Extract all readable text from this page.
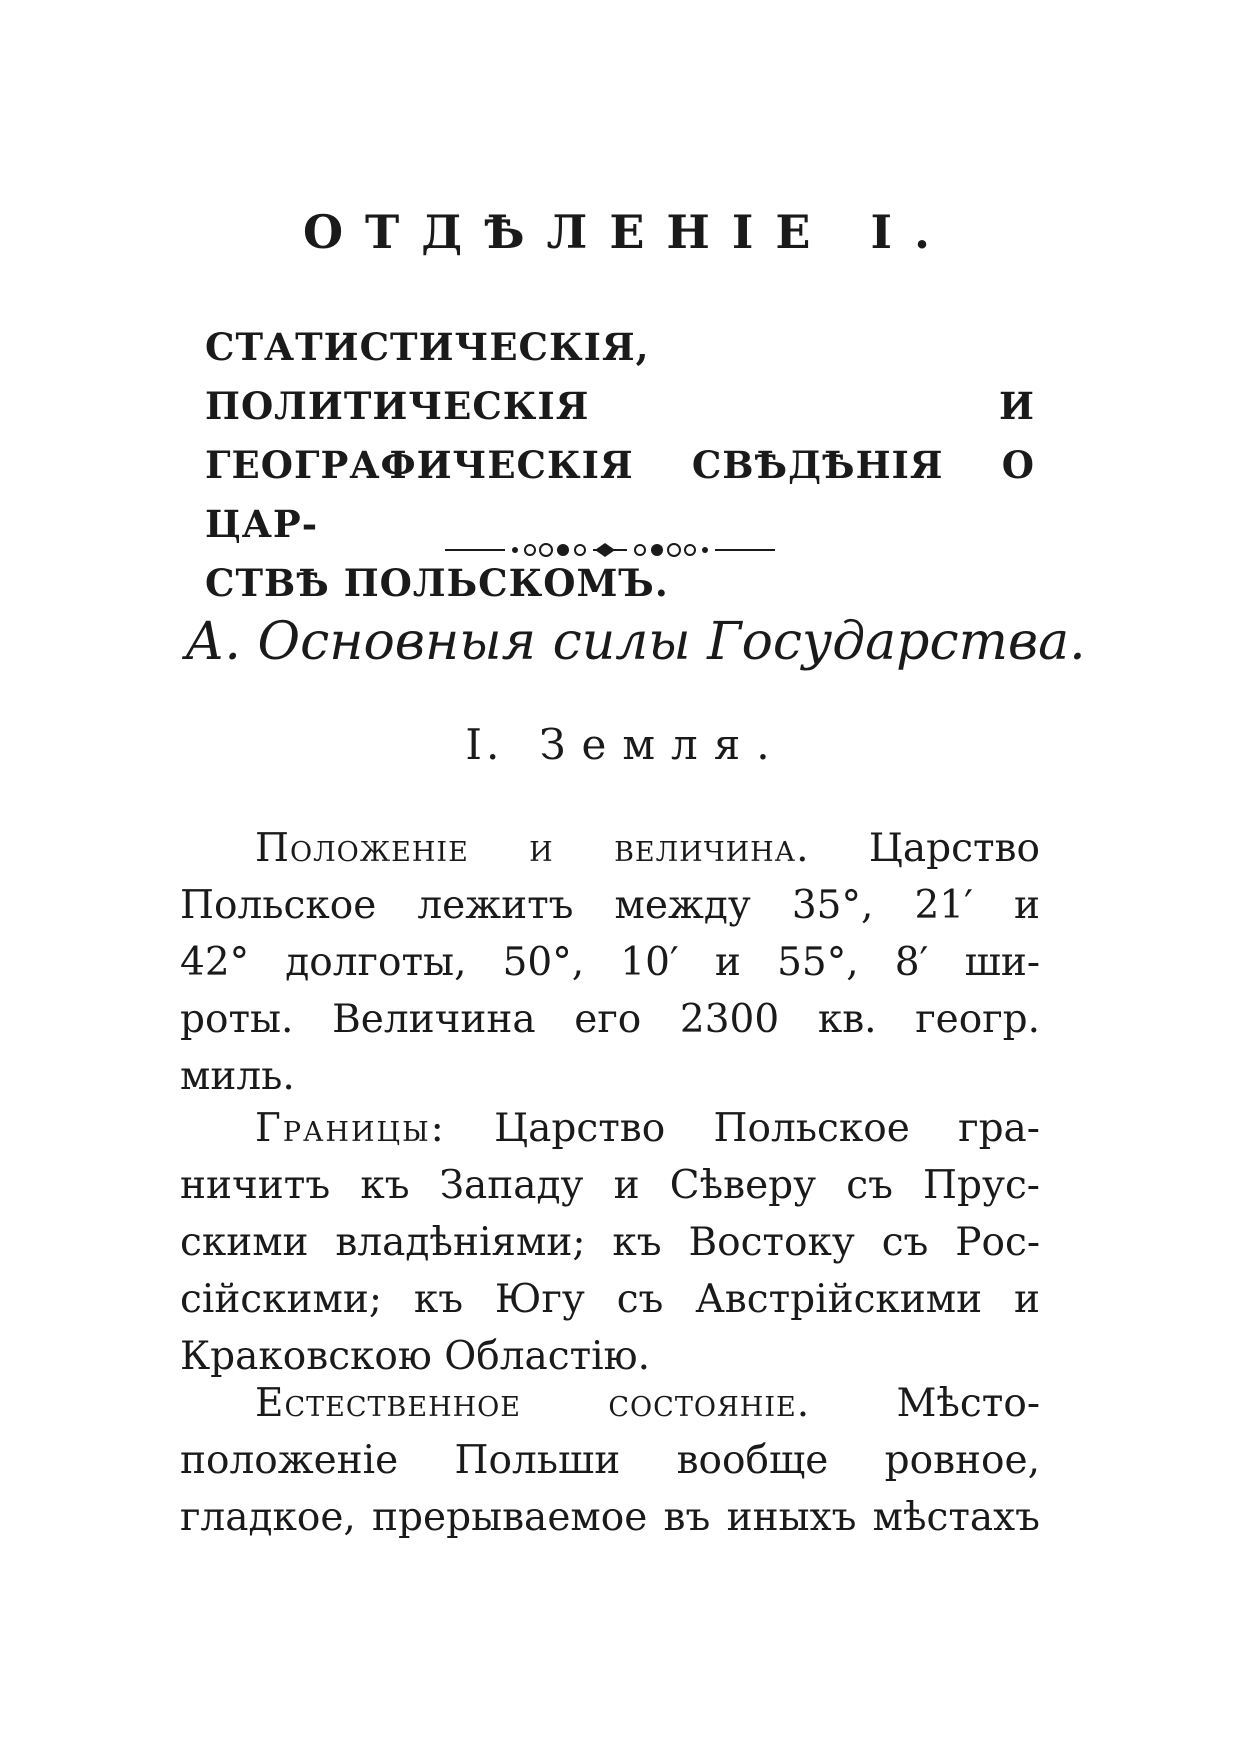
ОТДѢЛЕНІЕ I.
СТАТИСТИЧЕСКІЯ, ПОЛИТИЧЕСКІЯ И
ГЕОГРАФИЧЕСКІЯ СВѢДѢНІЯ О ЦАР-
СТВѢ ПОЛЬСКОМЪ.
А. Основныя силы Государства.
I. Земля.
Положеніе и величина. Царство
Польское лежитъ между 35°, 21′ и
42° долготы, 50°, 10′ и 55°, 8′ ши-
роты. Величина его 2300 кв. геогр.
миль.
Границы: Царство Польское гра-
ничитъ къ Западу и Сѣверу съ Прус-
скими владѣніями; къ Востоку съ Рос-
сійскими; къ Югу съ Австрійскими и
Краковскою Областію.
Естественное состояніе. Мѣсто-
положеніе Польши вообще ровное,
гладкое, прерываемое въ иныхъ мѣстахъ
